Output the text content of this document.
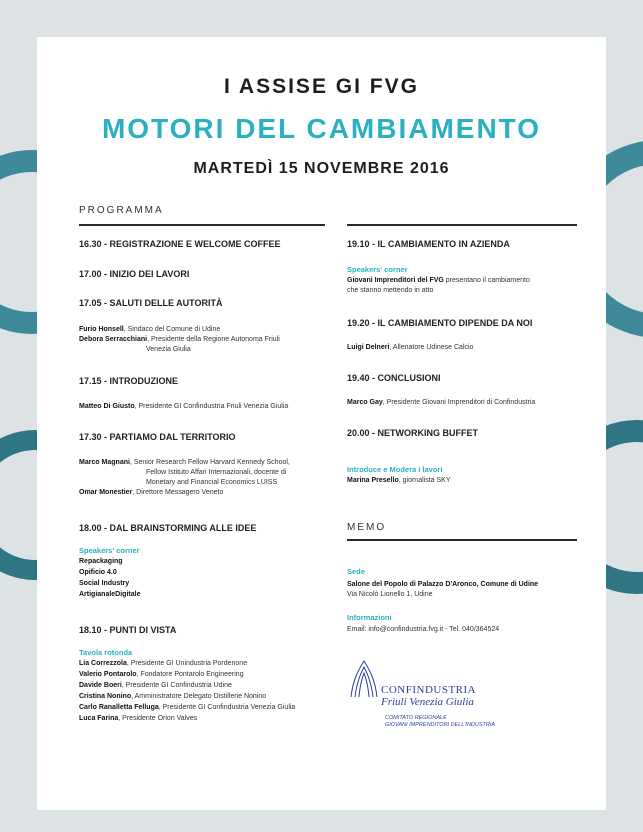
I ASSISE GI FVG
MOTORI DEL CAMBIAMENTO
MARTEDÌ 15 NOVEMBRE 2016
PROGRAMMA
16.30 - REGISTRAZIONE E WELCOME COFFEE
17.00 - INIZIO DEI LAVORI
17.05 - SALUTI DELLE AUTORITÀ
Furio Honsell, Sindaco del Comune di Udine
Debora Serracchiani, Presidente della Regione Autonoma Friuli
Venezia Giulia
17.15 - INTRODUZIONE
Matteo Di Giusto, Presidente GI Confindustria Friuli Venezia Giulia
17.30 - PARTIAMO DAL TERRITORIO
Marco Magnani, Senior Research Fellow Harvard Kennedy School,
Fellow Istituto Affari Internazionali, docente di
Monetary and Financial Economics LUISS
Omar Monestier, Direttore Messagero Veneto
18.00 - DAL BRAINSTORMING ALLE IDEE
Speakers' corner
Repackaging
Opificio 4.0
Social Industry
ArtigianaleDigitale
18.10 - PUNTI DI VISTA
Tavola rotonda
Lia Correzzola, Presidente GI Unindustria Pordenone
Valerio Pontarolo, Fondatore Pontarolo Engineering
Davide Boeri, Presidente GI Confindustria Udine
Cristina Nonino, Amministratore Delegato Distillerie Nonino
Carlo Ranalletta Felluga, Presidente GI Confindustria Venezia Giulia
Luca Farina, Presidente Orion Valves
19.10 - IL CAMBIAMENTO IN AZIENDA
Speakers' corner
Giovani Imprenditori del FVG presentano il cambiamento
che stanno mettendo in atto
19.20 - IL CAMBIAMENTO DIPENDE DA NOI
Luigi Delneri, Allenatore Udinese Calcio
19.40 - CONCLUSIONI
Marco Gay, Presidente Giovani Imprenditori di Confindustria
20.00 - NETWORKING BUFFET
Introduce e Modera i lavori
Marina Presello, giornalista SKY
MEMO
Sede
Salone del Popolo di Palazzo D'Aronco, Comune di Udine
Via Nicolò Lionello 1, Udine
Informazioni
Email: info@confindustria.fvg.it - Tel. 040/364524
CONFINDUSTRIA
Friuli Venezia Giulia
COMITATO REGIONALE
GIOVANI IMPRENDITORI DELL'INDUSTRIA
